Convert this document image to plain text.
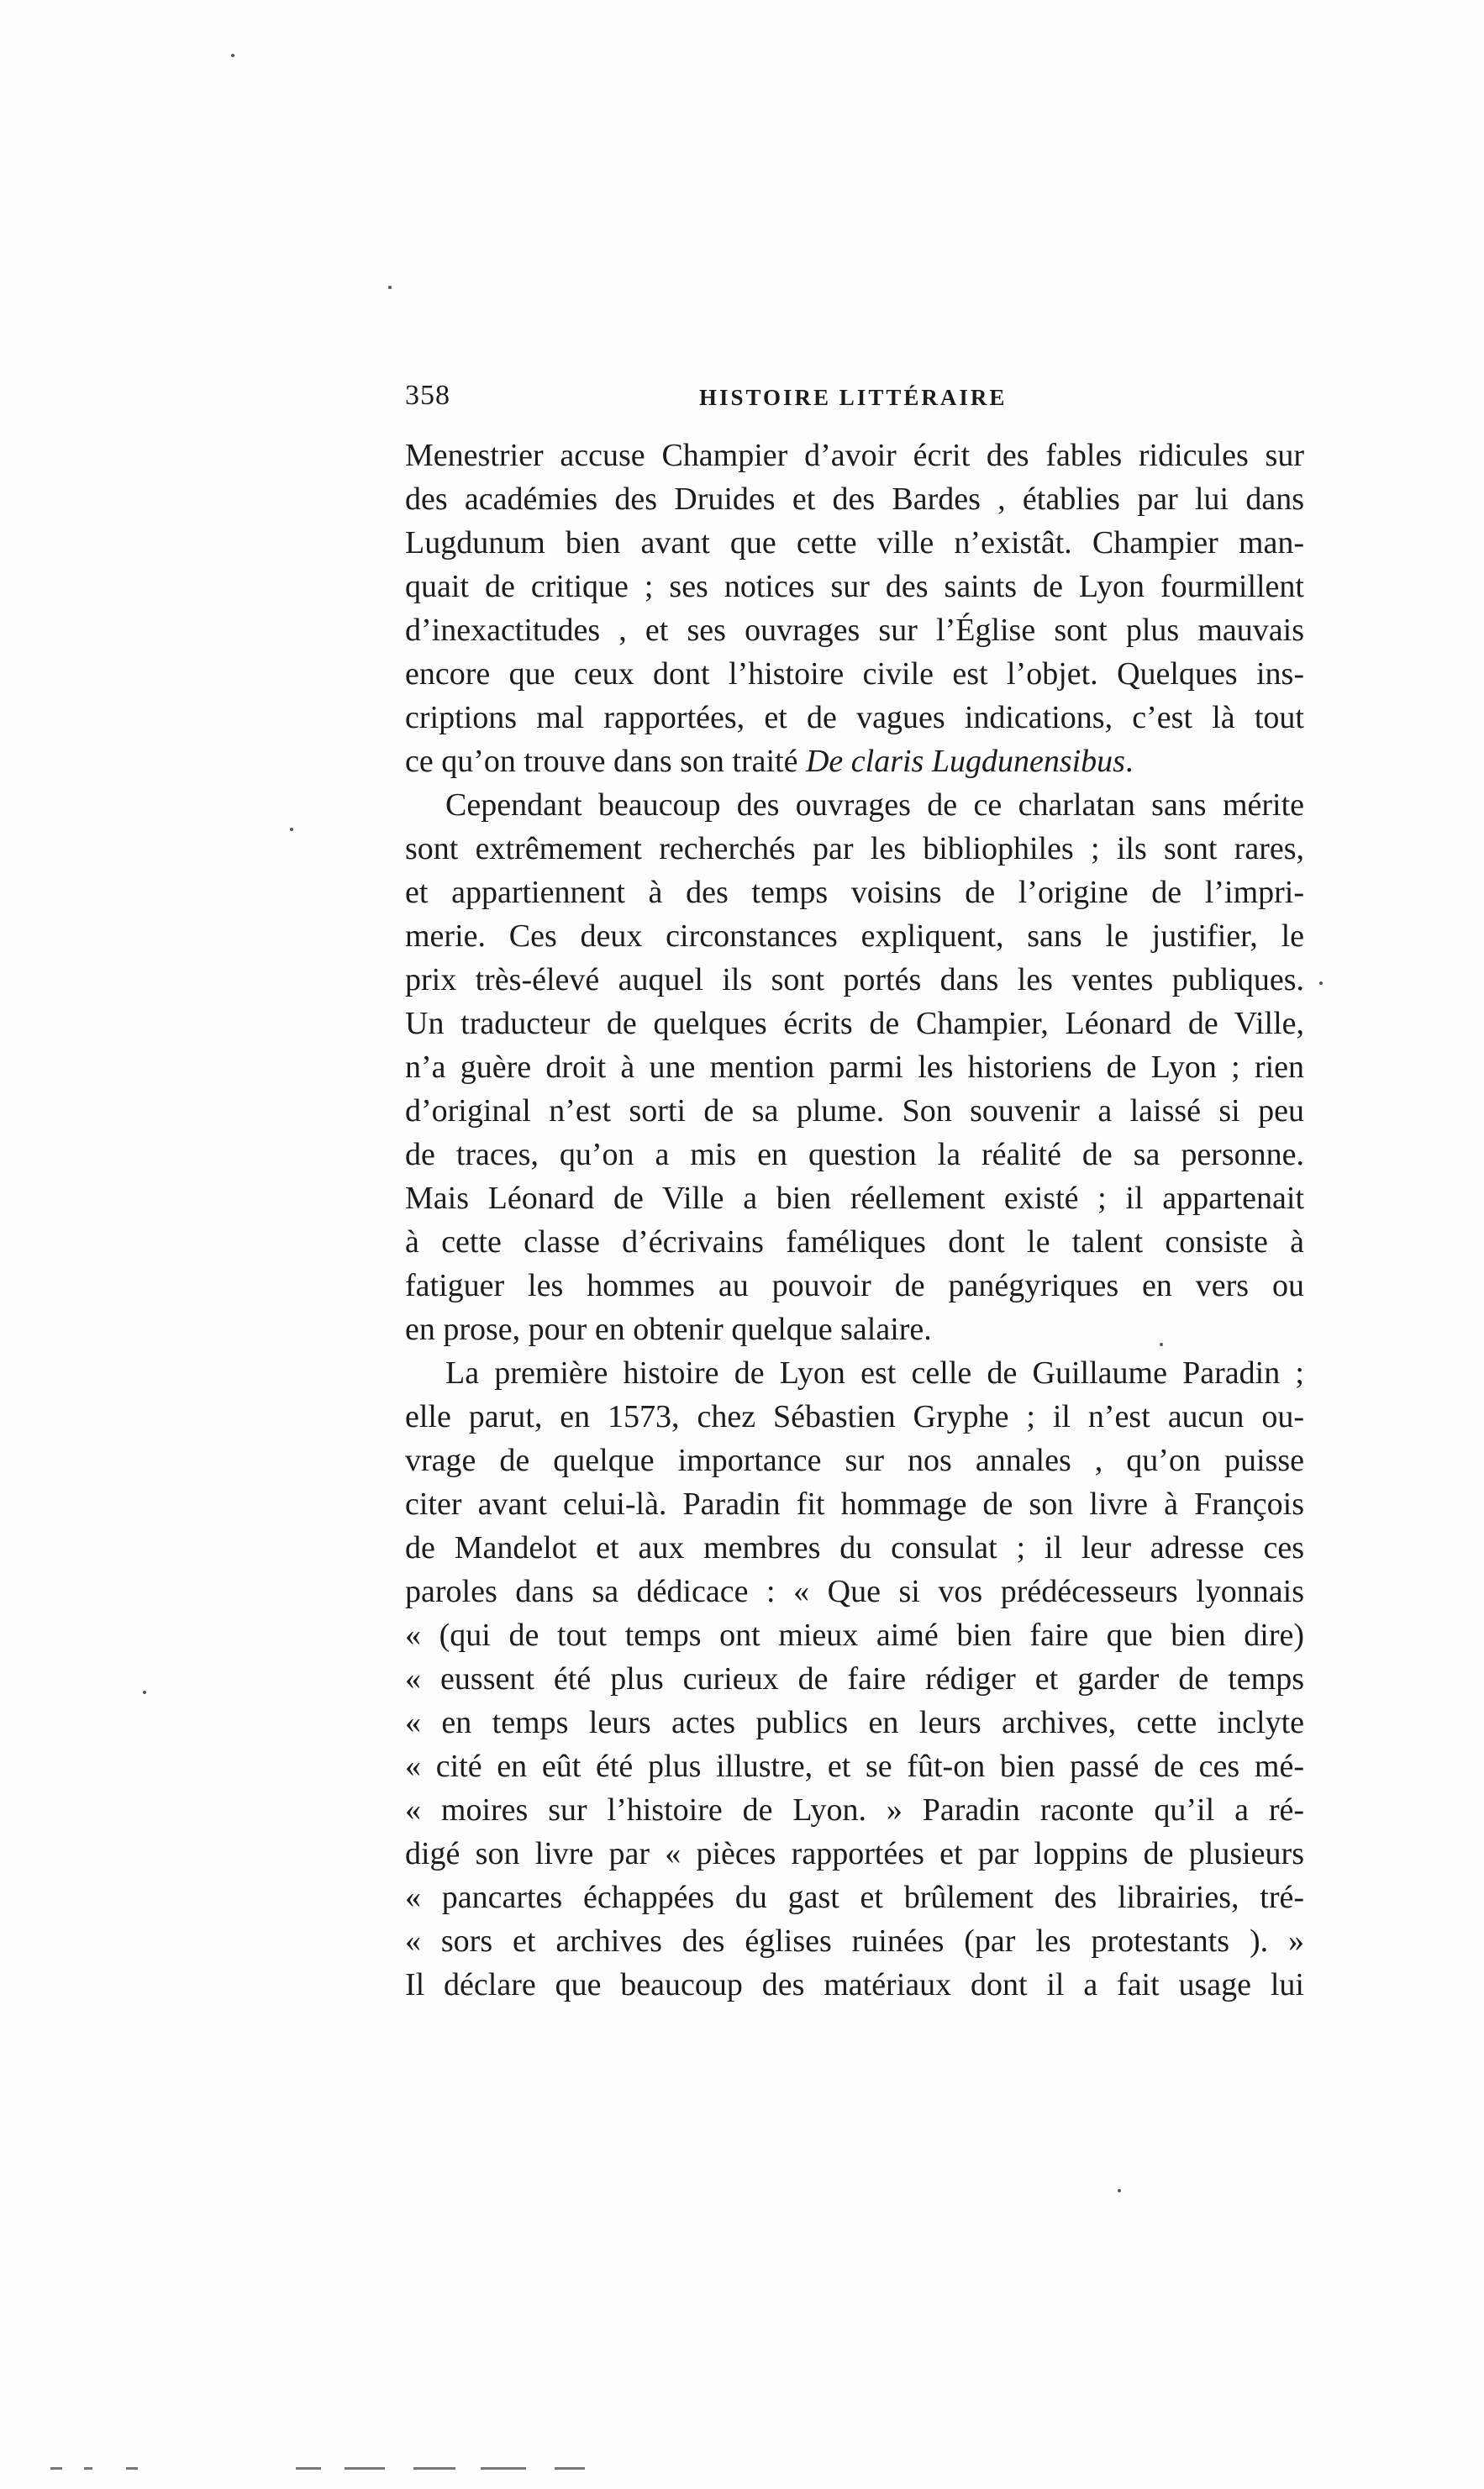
358	HISTOIRE LITTÉRAIRE
Menestrier accuse Champier d’avoir écrit des fables ridicules sur
des académies des Druides et des Bardes , établies par lui dans
Lugdunum bien avant que cette ville n’existât. Champier man-
quait de critique ; ses notices sur des saints de Lyon fourmillent
d’inexactitudes , et ses ouvrages sur l’Église sont plus mauvais
encore que ceux dont l’histoire civile est l’objet. Quelques ins-
criptions mal rapportées, et de vagues indications, c’est là tout
ce qu’on trouve dans son traité De claris Lugdunensibus.
Cependant beaucoup des ouvrages de ce charlatan sans mérite
sont extrêmement recherchés par les bibliophiles ; ils sont rares,
et appartiennent à des temps voisins de l’origine de l’impri-
merie. Ces deux circonstances expliquent, sans le justifier, le
prix très-élevé auquel ils sont portés dans les ventes publiques.
Un traducteur de quelques écrits de Champier, Léonard de Ville,
n’a guère droit à une mention parmi les historiens de Lyon ; rien
d’original n’est sorti de sa plume. Son souvenir a laissé si peu
de traces, qu’on a mis en question la réalité de sa personne.
Mais Léonard de Ville a bien réellement existé ; il appartenait
à cette classe d’écrivains faméliques dont le talent consiste à
fatiguer les hommes au pouvoir de panégyriques en vers ou
en prose, pour en obtenir quelque salaire.
La première histoire de Lyon est celle de Guillaume Paradin ;
elle parut, en 1573, chez Sébastien Gryphe ; il n’est aucun ou-
vrage de quelque importance sur nos annales , qu’on puisse
citer avant celui-là. Paradin fit hommage de son livre à François
de Mandelot et aux membres du consulat ; il leur adresse ces
paroles dans sa dédicace : « Que si vos prédécesseurs lyonnais
« (qui de tout temps ont mieux aimé bien faire que bien dire)
« eussent été plus curieux de faire rédiger et garder de temps
« en temps leurs actes publics en leurs archives, cette inclyte
« cité en eût été plus illustre, et se fût-on bien passé de ces mé-
« moires sur l’histoire de Lyon. » Paradin raconte qu’il a ré-
digé son livre par « pièces rapportées et par loppins de plusieurs
« pancartes échappées du gast et brûlement des librairies, tré-
« sors et archives des églises ruinées (par les protestants ). »
Il déclare que beaucoup des matériaux dont il a fait usage lui
